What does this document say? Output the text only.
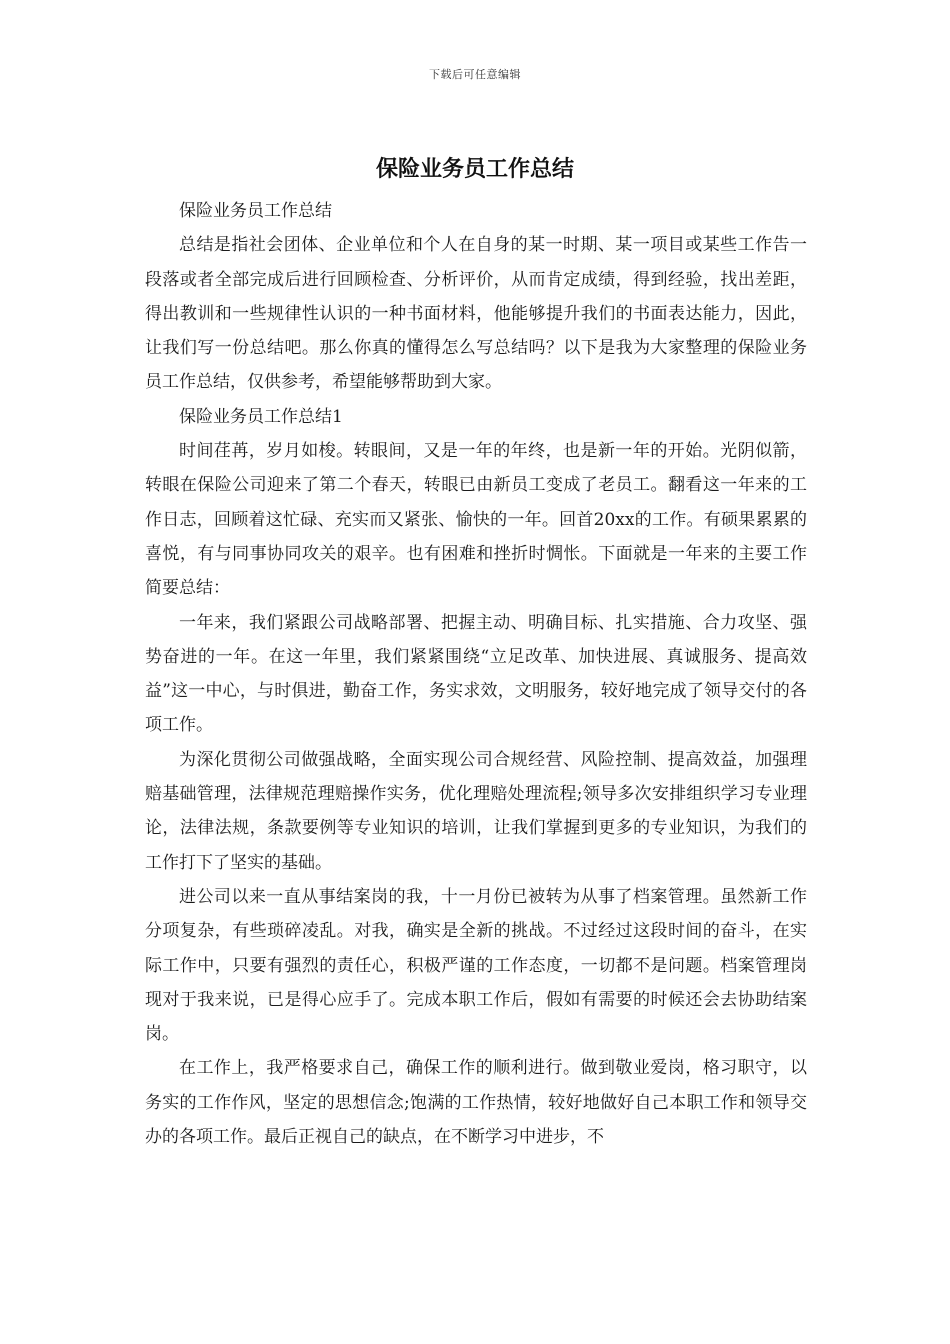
下载后可任意编辑
保险业务员工作总结

保险业务员工作总结

总结是指社会团体、企业单位和个人在自身的某一时期、某一项目或某些工作告一段落或者全部完成后进行回顾检查、分析评价，从而肯定成绩，得到经验，找出差距，得出教训和一些规律性认识的一种书面材料，他能够提升我们的书面表达能力，因此，让我们写一份总结吧。那么你真的懂得怎么写总结吗？以下是我为大家整理的保险业务员工作总结，仅供参考，希望能够帮助到大家。

保险业务员工作总结1

时间荏苒，岁月如梭。转眼间，又是一年的年终，也是新一年的开始。光阴似箭，转眼在保险公司迎来了第二个春天，转眼已由新员工变成了老员工。翻看这一年来的工作日志，回顾着这忙碌、充实而又紧张、愉快的一年。回首20xx的工作。有硕果累累的喜悦，有与同事协同攻关的艰辛。也有困难和挫折时惆怅。下面就是一年来的主要工作简要总结：

一年来，我们紧跟公司战略部署、把握主动、明确目标、扎实措施、合力攻坚、强势奋进的一年。在这一年里，我们紧紧围绕“立足改革、加快进展、真诚服务、提高效益”这一中心，与时俱进，勤奋工作，务实求效，文明服务，较好地完成了领导交付的各项工作。

为深化贯彻公司做强战略，全面实现公司合规经营、风险控制、提高效益，加强理赔基础管理，法律规范理赔操作实务，优化理赔处理流程;领导多次安排组织学习专业理论，法律法规，条款要例等专业知识的培训，让我们掌握到更多的专业知识，为我们的工作打下了坚实的基础。

进公司以来一直从事结案岗的我，十一月份已被转为从事了档案管理。虽然新工作分项复杂，有些琐碎凌乱。对我，确实是全新的挑战。不过经过这段时间的奋斗，在实际工作中，只要有强烈的责任心，积极严谨的工作态度，一切都不是问题。档案管理岗现对于我来说，已是得心应手了。完成本职工作后，假如有需要的时候还会去协助结案岗。

在工作上，我严格要求自己，确保工作的顺利进行。做到敬业爱岗，格习职守，以务实的工作作风，坚定的思想信念;饱满的工作热情，较好地做好自己本职工作和领导交办的各项工作。最后正视自己的缺点，在不断学习中进步，不
